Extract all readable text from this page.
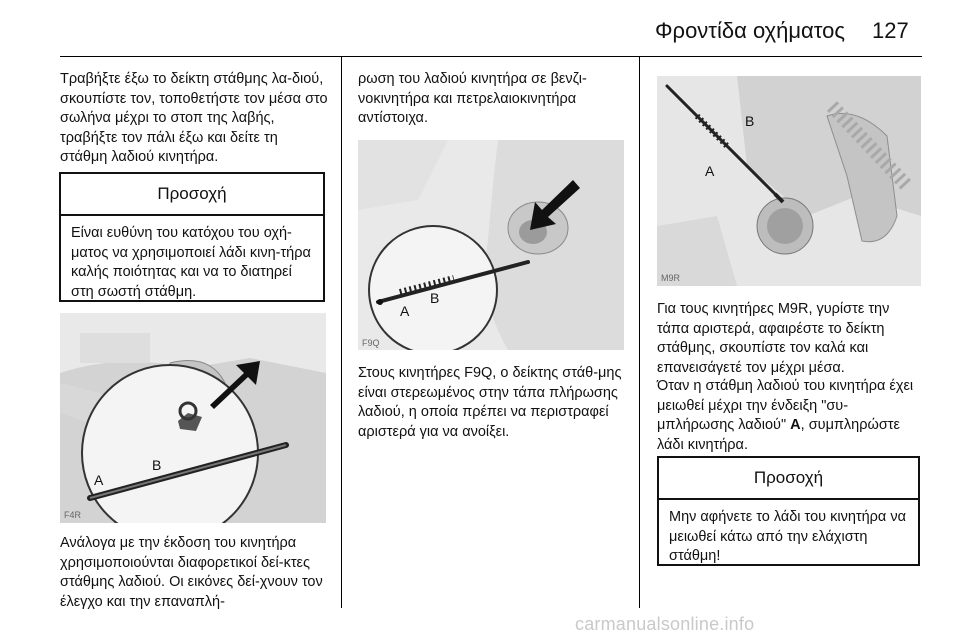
Φροντίδα οχήματος 127

Τραβήξτε έξω το δείκτη στάθμης λα-διού, σκουπίστε τον, τοποθετήστε τον μέσα στο σωλήνα μέχρι το στοπ της λαβής, τραβήξτε τον πάλι έξω και δείτε τη στάθμη λαδιού κινητήρα.

Προσοχή
Είναι ευθύνη του κατόχου του οχή-ματος να χρησιμοποιεί λάδι κινη-τήρα καλής ποιότητας και να το διατηρεί στη σωστή στάθμη.
A
B
F4R

Ανάλογα με την έκδοση του κινητήρα χρησιμοποιούνται διαφορετικοί δεί-κτες στάθμης λαδιού. Οι εικόνες δεί-χνουν τον έλεγχο και την επαναπλή-

ρωση του λαδιού κινητήρα σε βενζι-νοκινητήρα και πετρελαιοκινητήρα αντίστοιχα.

A
B
F9Q

Στους κινητήρες F9Q, ο δείκτης στάθ-μης είναι στερεωμένος στην τάπα πλήρωσης λαδιού, η οποία πρέπει να περιστραφεί αριστερά για να ανοίξει.

A
B
M9R

Για τους κινητήρες M9R, γυρίστε την τάπα αριστερά, αφαιρέστε το δείκτη στάθμης, σκουπίστε τον καλά και επανεισάγετέ τον μέχρι μέσα.

Όταν η στάθμη λαδιού του κινητήρα έχει μειωθεί μέχρι την ένδειξη "συ-μπλήρωσης λαδιού" A, συμπληρώστε λάδι κινητήρα.

Προσοχή
Μην αφήνετε το λάδι του κινητήρα να μειωθεί κάτω από την ελάχιστη στάθμη!
carmanualsonline.info
